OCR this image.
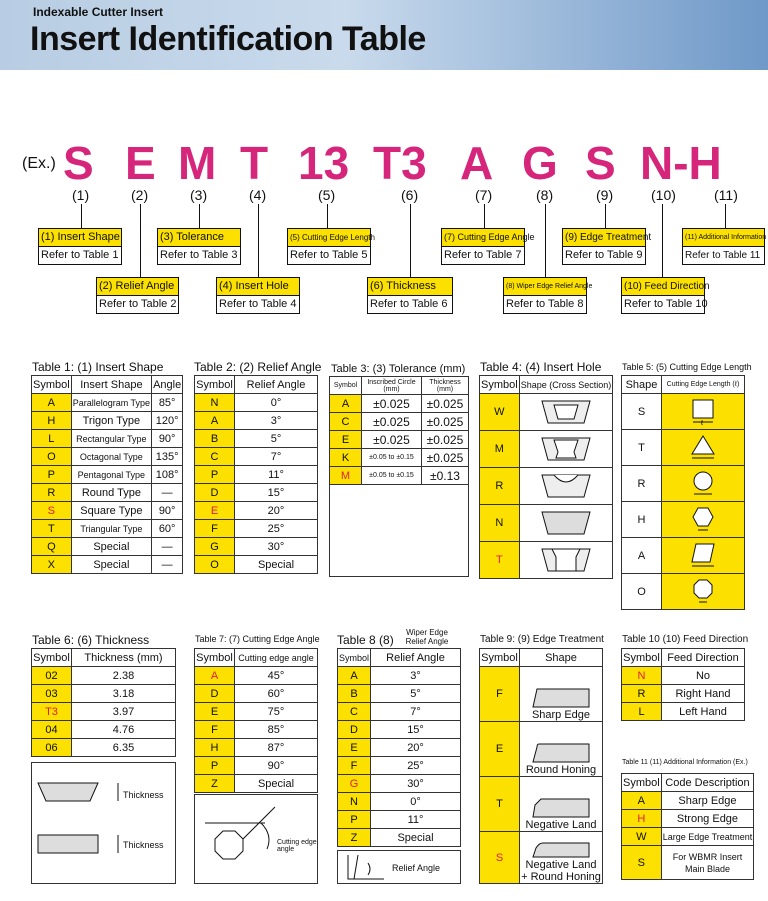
Indexable Cutter Insert
Insert Identification Table
(Ex.) S E M T 13 T3 A G S N-H
(1)	(2)	(3)	(4)	(5)	(6)	(7)	(8)	(9)	(10)	(11)
(1) Insert Shape
Refer to Table 1
(2) Relief Angle
Refer to Table 2
(3) Tolerance
Refer to Table 3
(4) Insert Hole
Refer to Table 4
(5) Cutting Edge Length
Refer to Table 5
(6) Thickness
Refer to Table 6
(7) Cutting Edge Angle
Refer to Table 7
(8) Wiper Edge Relief Angle
Refer to Table 8
(9) Edge Treatment
Refer to Table 9
(10) Feed Direction
Refer to Table 10
(11) Additional Information
Refer to Table 11
Table 1: (1) Insert Shape
Symbol	Insert Shape	Angle
A	Parallelogram Type	85°
H	Trigon Type	120°
L	Rectangular Type	90°
O	Octagonal Type	135°
P	Pentagonal Type	108°
R	Round Type	—
S	Square Type	90°
T	Triangular Type	60°
Q	Special	—
X	Special	—
Table 2: (2) Relief Angle
Symbol	Relief Angle
N	0°
A	3°
B	5°
C	7°
P	11°
D	15°
E	20°
F	25°
G	30°
O	Special
Table 3: (3) Tolerance (mm)
Symbol	Inscribed Circle (mm)	Thickness (mm)
A	±0.025	±0.025
C	±0.025	±0.025
E	±0.025	±0.025
K	±0.05 to ±0.15	±0.025
M	±0.05 to ±0.15	±0.13
Table 4: (4) Insert Hole
Symbol	Shape (Cross Section)
W	

M	

R	

N	

T	
Table 5: (5) Cutting Edge Length
Shape	Cutting Edge Length (ℓ)
S	ℓ

T	

R	

H	

A	

O	
Table 6: (6) Thickness
Symbol	Thickness (mm)
02	2.38
03	3.18
T3	3.97
04	4.76
06	6.35
Thickness
Thickness
Table 7: (7) Cutting Edge Angle
Symbol	Cutting edge angle
A	45°
D	60°
E	75°
F	85°
H	87°
P	90°
Z	Special
Cutting edge angle
Table 8 (8)
Wiper Edge Relief Angle
Symbol	Relief Angle
A	3°
B	5°
C	7°
D	15°
E	20°
F	25°
G	30°
N	0°
P	11°
Z	Special
Relief Angle
Table 9: (9) Edge Treatment
Symbol	Shape
F	Sharp Edge

E	Round Honing

T	Negative Land

S	Negative Land + Round Honing
Table 10 (10) Feed Direction
Symbol	Feed Direction
N	No
R	Right Hand
L	Left Hand
Table 11 (11) Additional Information (Ex.)
Symbol	Code Description
A	Sharp Edge
H	Strong Edge
W	Large Edge Treatment
S	For WBMR Insert Main Blade
